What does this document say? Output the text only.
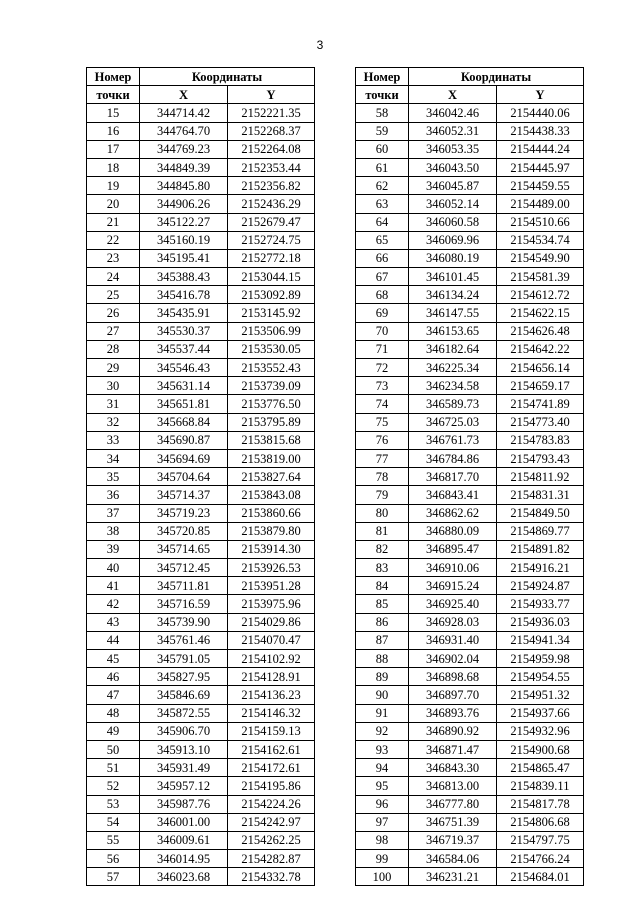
3
Номер	Координаты	
точки	X	Y
15	344714.42	2152221.35
16	344764.70	2152268.37
17	344769.23	2152264.08
18	344849.39	2152353.44
19	344845.80	2152356.82
20	344906.26	2152436.29
21	345122.27	2152679.47
22	345160.19	2152724.75
23	345195.41	2152772.18
24	345388.43	2153044.15
25	345416.78	2153092.89
26	345435.91	2153145.92
27	345530.37	2153506.99
28	345537.44	2153530.05
29	345546.43	2153552.43
30	345631.14	2153739.09
31	345651.81	2153776.50
32	345668.84	2153795.89
33	345690.87	2153815.68
34	345694.69	2153819.00
35	345704.64	2153827.64
36	345714.37	2153843.08
37	345719.23	2153860.66
38	345720.85	2153879.80
39	345714.65	2153914.30
40	345712.45	2153926.53
41	345711.81	2153951.28
42	345716.59	2153975.96
43	345739.90	2154029.86
44	345761.46	2154070.47
45	345791.05	2154102.92
46	345827.95	2154128.91
47	345846.69	2154136.23
48	345872.55	2154146.32
49	345906.70	2154159.13
50	345913.10	2154162.61
51	345931.49	2154172.61
52	345957.12	2154195.86
53	345987.76	2154224.26
54	346001.00	2154242.97
55	346009.61	2154262.25
56	346014.95	2154282.87
57	346023.68	2154332.78
Номер	Координаты	
точки	X	Y
58	346042.46	2154440.06
59	346052.31	2154438.33
60	346053.35	2154444.24
61	346043.50	2154445.97
62	346045.87	2154459.55
63	346052.14	2154489.00
64	346060.58	2154510.66
65	346069.96	2154534.74
66	346080.19	2154549.90
67	346101.45	2154581.39
68	346134.24	2154612.72
69	346147.55	2154622.15
70	346153.65	2154626.48
71	346182.64	2154642.22
72	346225.34	2154656.14
73	346234.58	2154659.17
74	346589.73	2154741.89
75	346725.03	2154773.40
76	346761.73	2154783.83
77	346784.86	2154793.43
78	346817.70	2154811.92
79	346843.41	2154831.31
80	346862.62	2154849.50
81	346880.09	2154869.77
82	346895.47	2154891.82
83	346910.06	2154916.21
84	346915.24	2154924.87
85	346925.40	2154933.77
86	346928.03	2154936.03
87	346931.40	2154941.34
88	346902.04	2154959.98
89	346898.68	2154954.55
90	346897.70	2154951.32
91	346893.76	2154937.66
92	346890.92	2154932.96
93	346871.47	2154900.68
94	346843.30	2154865.47
95	346813.00	2154839.11
96	346777.80	2154817.78
97	346751.39	2154806.68
98	346719.37	2154797.75
99	346584.06	2154766.24
100	346231.21	2154684.01
